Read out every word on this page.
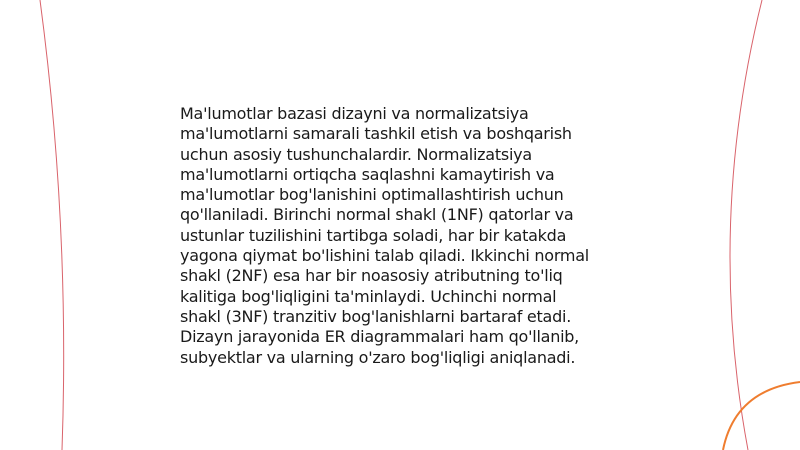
Ma'lumotlar bazasi dizayni va normalizatsiya
ma'lumotlarni samarali tashkil etish va boshqarish
uchun asosiy tushunchalardir. Normalizatsiya
ma'lumotlarni ortiqcha saqlashni kamaytirish va
ma'lumotlar bog'lanishini optimallashtirish uchun
qo'llaniladi. Birinchi normal shakl (1NF) qatorlar va
ustunlar tuzilishini tartibga soladi, har bir katakda
yagona qiymat bo'lishini talab qiladi. Ikkinchi normal
shakl (2NF) esa har bir noasosiy atributning to'liq
kalitiga bog'liqligini ta'minlaydi. Uchinchi normal
shakl (3NF) tranzitiv bog'lanishlarni bartaraf etadi.
Dizayn jarayonida ER diagrammalari ham qo'llanib,
subyektlar va ularning o'zaro bog'liqligi aniqlanadi.
